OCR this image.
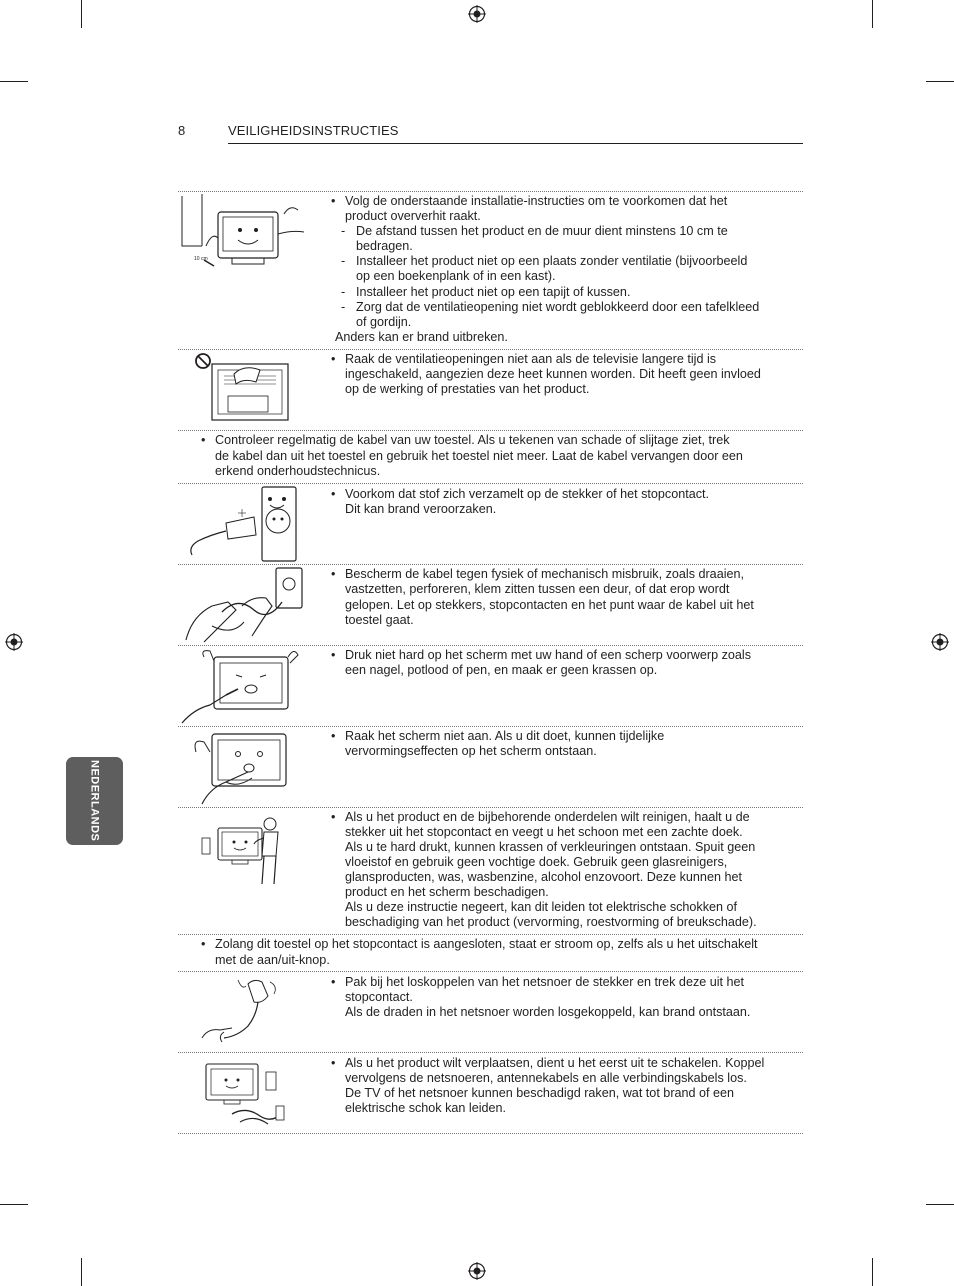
8	VEILIGHEIDSINSTRUCTIES
NEDERLANDS
10 cm
• Volg de onderstaande installatie-instructies om te voorkomen dat het
product oververhit raakt.
- De afstand tussen het product en de muur dient minstens 10 cm te
bedragen.
- Installeer het product niet op een plaats zonder ventilatie (bijvoorbeeld
op een boekenplank of in een kast).
- Installeer het product niet op een tapijt of kussen.
- Zorg dat de ventilatieopening niet wordt geblokkeerd door een tafelkleed
of gordijn.
Anders kan er brand uitbreken.
• Raak de ventilatieopeningen niet aan als de televisie langere tijd is
ingeschakeld, aangezien deze heet kunnen worden. Dit heeft geen invloed
op de werking of prestaties van het product.
• Controleer regelmatig de kabel van uw toestel. Als u tekenen van schade of slijtage ziet, trek
de kabel dan uit het toestel en gebruik het toestel niet meer. Laat de kabel vervangen door een
erkend onderhoudstechnicus.
• Voorkom dat stof zich verzamelt op de stekker of het stopcontact.
Dit kan brand veroorzaken.
• Bescherm de kabel tegen fysiek of mechanisch misbruik, zoals draaien,
vastzetten, perforeren, klem zitten tussen een deur, of dat erop wordt
gelopen. Let op stekkers, stopcontacten en het punt waar de kabel uit het
toestel gaat.
• Druk niet hard op het scherm met uw hand of een scherp voorwerp zoals
een nagel, potlood of pen, en maak er geen krassen op.
• Raak het scherm niet aan. Als u dit doet, kunnen tijdelijke
vervormingseffecten op het scherm ontstaan.
• Als u het product en de bijbehorende onderdelen wilt reinigen, haalt u de
stekker uit het stopcontact en veegt u het schoon met een zachte doek.
Als u te hard drukt, kunnen krassen of verkleuringen ontstaan. Spuit geen
vloeistof en gebruik geen vochtige doek. Gebruik geen glasreinigers,
glansproducten, was, wasbenzine, alcohol enzovoort. Deze kunnen het
product en het scherm beschadigen.
Als u deze instructie negeert, kan dit leiden tot elektrische schokken of
beschadiging van het product (vervorming, roestvorming of breukschade).
• Zolang dit toestel op het stopcontact is aangesloten, staat er stroom op, zelfs als u het uitschakelt
met de aan/uit-knop.
• Pak bij het loskoppelen van het netsnoer de stekker en trek deze uit het
stopcontact.
Als de draden in het netsnoer worden losgekoppeld, kan brand ontstaan.
• Als u het product wilt verplaatsen, dient u het eerst uit te schakelen. Koppel
vervolgens de netsnoeren, antennekabels en alle verbindingskabels los.
De TV of het netsnoer kunnen beschadigd raken, wat tot brand of een
elektrische schok kan leiden.
